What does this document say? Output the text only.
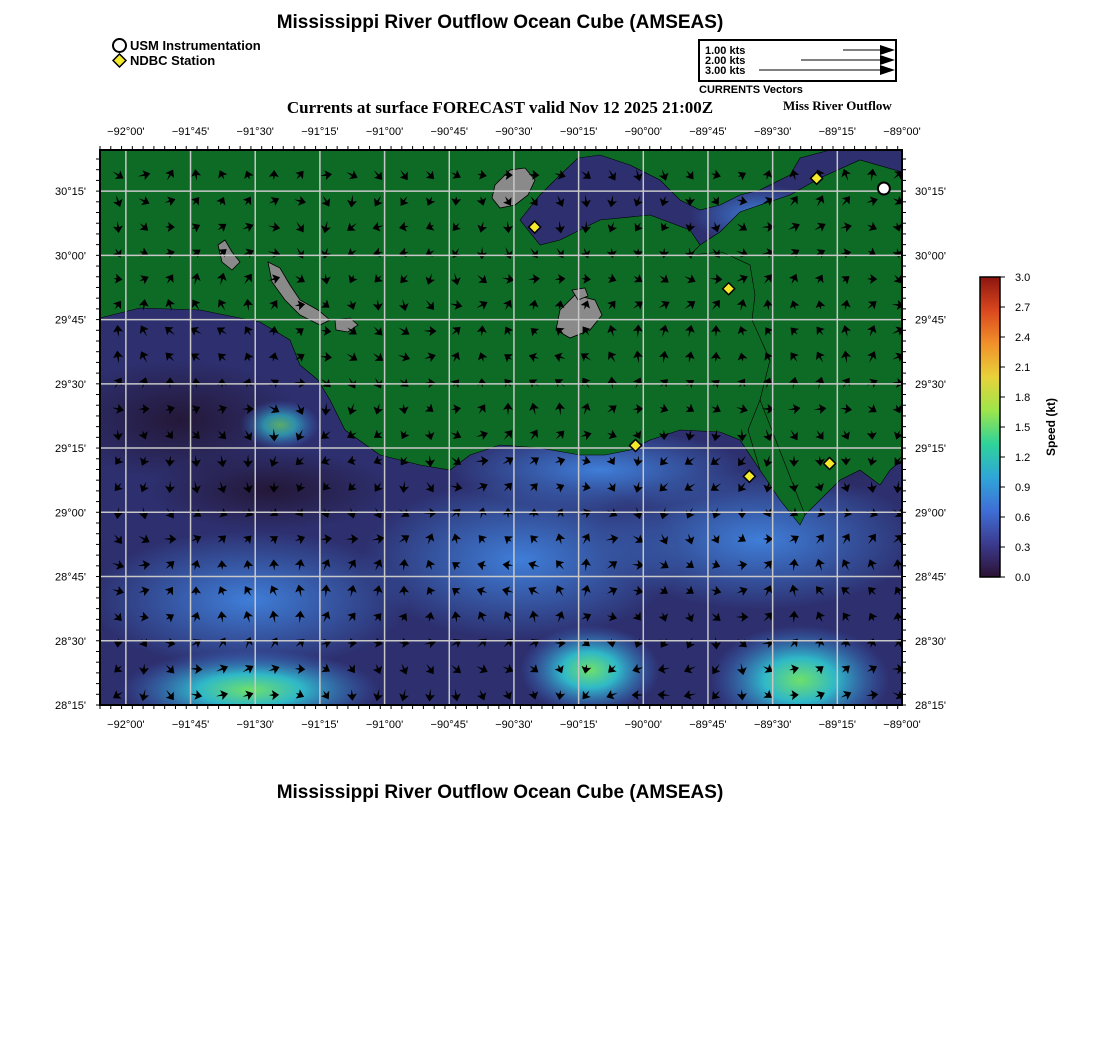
Mississippi River Outflow Ocean Cube (AMSEAS)
USM Instrumentation
NDBC Station
1.00 kts
2.00 kts
3.00 kts
CURRENTS Vectors
Currents at surface FORECAST valid Nov 12 2025 21:00Z	Miss River Outflow
−92°00' −91°45' −91°30' −91°15' −91°00' −90°45' −90°30' −90°15' −90°00' −89°45' −89°30' −89°15' −89°00'
−92°00' −91°45' −91°30' −91°15' −91°00' −90°45' −90°30' −90°15' −90°00' −89°45' −89°30' −89°15' −89°00'
30°15'
30°00'
29°45'
29°30'
29°15'
29°00'
28°45'
28°30'
28°15'
30°15'
30°00'
29°45'
29°30'
29°15'
29°00'
28°45'
28°30'
28°15'
3.0
2.7
2.4
2.1
1.8
1.5
1.2
0.9
0.6
0.3
0.0
Speed (kt)
Mississippi River Outflow Ocean Cube (AMSEAS)
